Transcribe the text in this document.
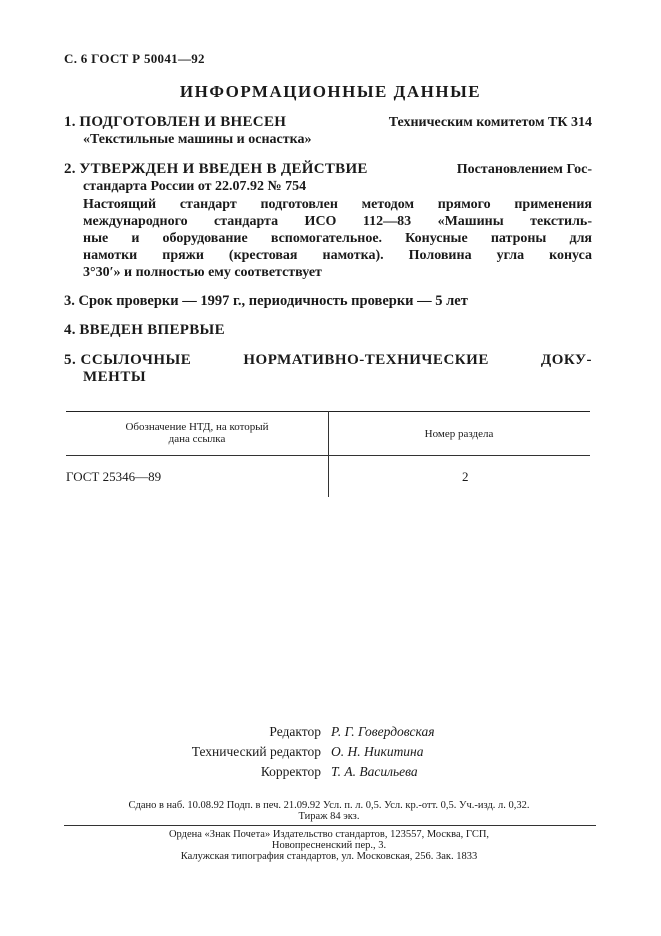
С. 6 ГОСТ Р 50041—92
ИНФОРМАЦИОННЫЕ ДАННЫЕ
1. ПОДГОТОВЛЕН И ВНЕСЕН	Техническим комитетом ТК 314
«Текстильные машины и оснастка»
2. УТВЕРЖДЕН И ВВЕДЕН В ДЕЙСТВИЕ	Постановлением Гос-
стандарта России от 22.07.92 № 754
Настоящий стандарт подготовлен методом прямого применения
международного стандарта ИСО 112—83 «Машины текстиль-
ные и оборудование вспомогательное. Конусные патроны для
намотки пряжи (крестовая намотка). Половина угла конуса
3°30′» и полностью ему соответствует
3. Срок проверки — 1997 г., периодичность проверки — 5 лет
4. ВВЕДЕН ВПЕРВЫЕ
5. ССЫЛОЧНЫЕ	НОРМАТИВНО-ТЕХНИЧЕСКИЕ	ДОКУ-
МЕНТЫ
Обозначение НТД, на который
дана ссылка	Номер раздела
ГОСТ 25346—89	2
Редактор Р. Г. Говердовская
Технический редактор О. Н. Никитина
Корректор Т. А. Васильева
Сдано в наб. 10.08.92 Подп. в печ. 21.09.92 Усл. п. л. 0,5. Усл. кр.-отт. 0,5. Уч.-изд. л. 0,32.
Тираж 84 экз.
Ордена «Знак Почета» Издательство стандартов, 123557, Москва, ГСП,
Новопресненский пер., 3.
Калужская типография стандартов, ул. Московская, 256. Зак. 1833
